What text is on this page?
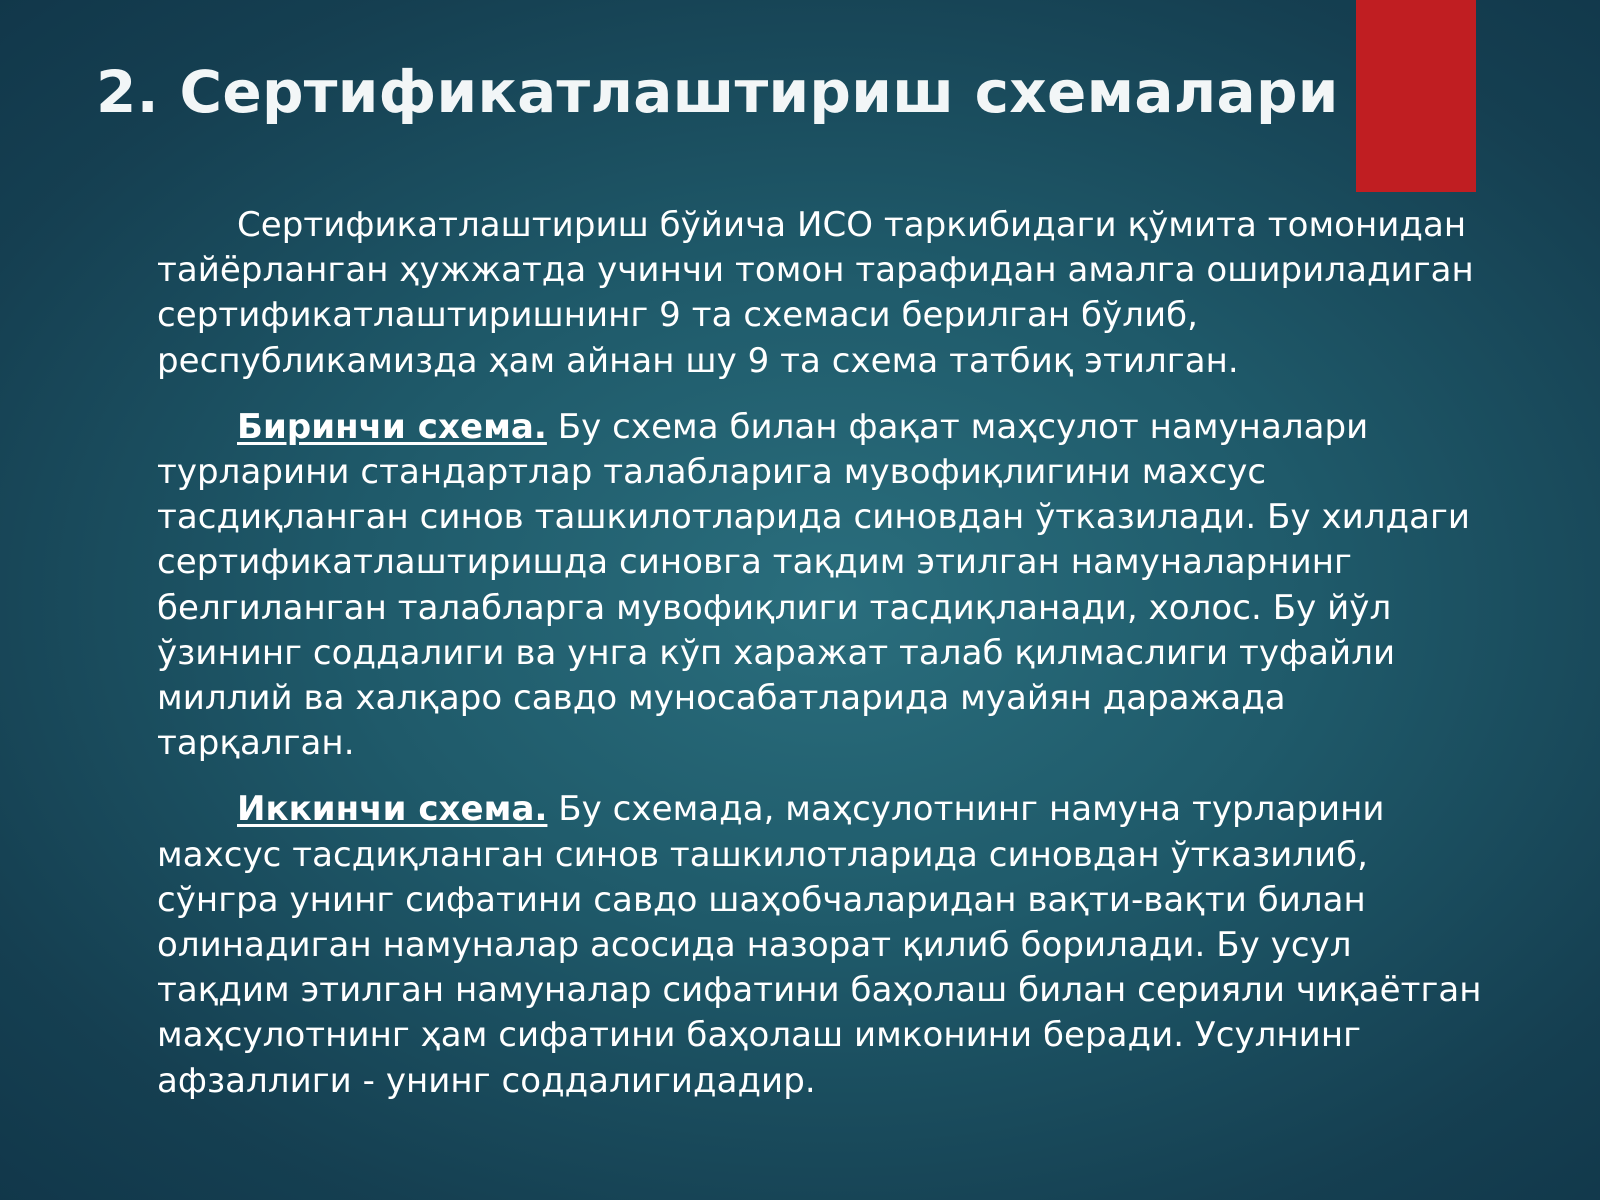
2. Сертификатлаштириш схемалари

Сертификатлаштириш бўйича ИСО таркибидаги қўмита томонидан тайёрланган ҳужжатда учинчи томон тарафидан амалга ошириладиган сертификатлаштиришнинг 9 та схемаси берилган бўлиб, республикамизда ҳам айнан шу 9 та схема татбиқ этилган.

Биринчи схема. Бу схема билан фақат маҳсулот намуналари турларини стандартлар талабларига мувофиқлигини махсус тасдиқланган синов ташкилотларида синовдан ўтказилади. Бу хилдаги сертификатлаштиришда синовга тақдим этилган намуналарнинг белгиланган талабларга мувофиқлиги тасдиқланади, холос. Бу йўл ўзининг соддалиги ва унга кўп харажат талаб қилмаслиги туфайли миллий ва халқаро савдо муносабатларида муайян даражада тарқалган.

Иккинчи схема. Бу схемада, маҳсулотнинг намуна турларини махсус тасдиқланган синов ташкилотларида синовдан ўтказилиб, сўнгра унинг сифатини савдо шаҳобчаларидан вақти-вақти билан олинадиган намуналар асосида назорат қилиб борилади. Бу усул тақдим этилган намуналар сифатини баҳолаш билан серияли чиқаётган маҳсулотнинг ҳам сифатини баҳолаш имконини беради. Усулнинг афзаллиги - унинг соддалигидадир.
